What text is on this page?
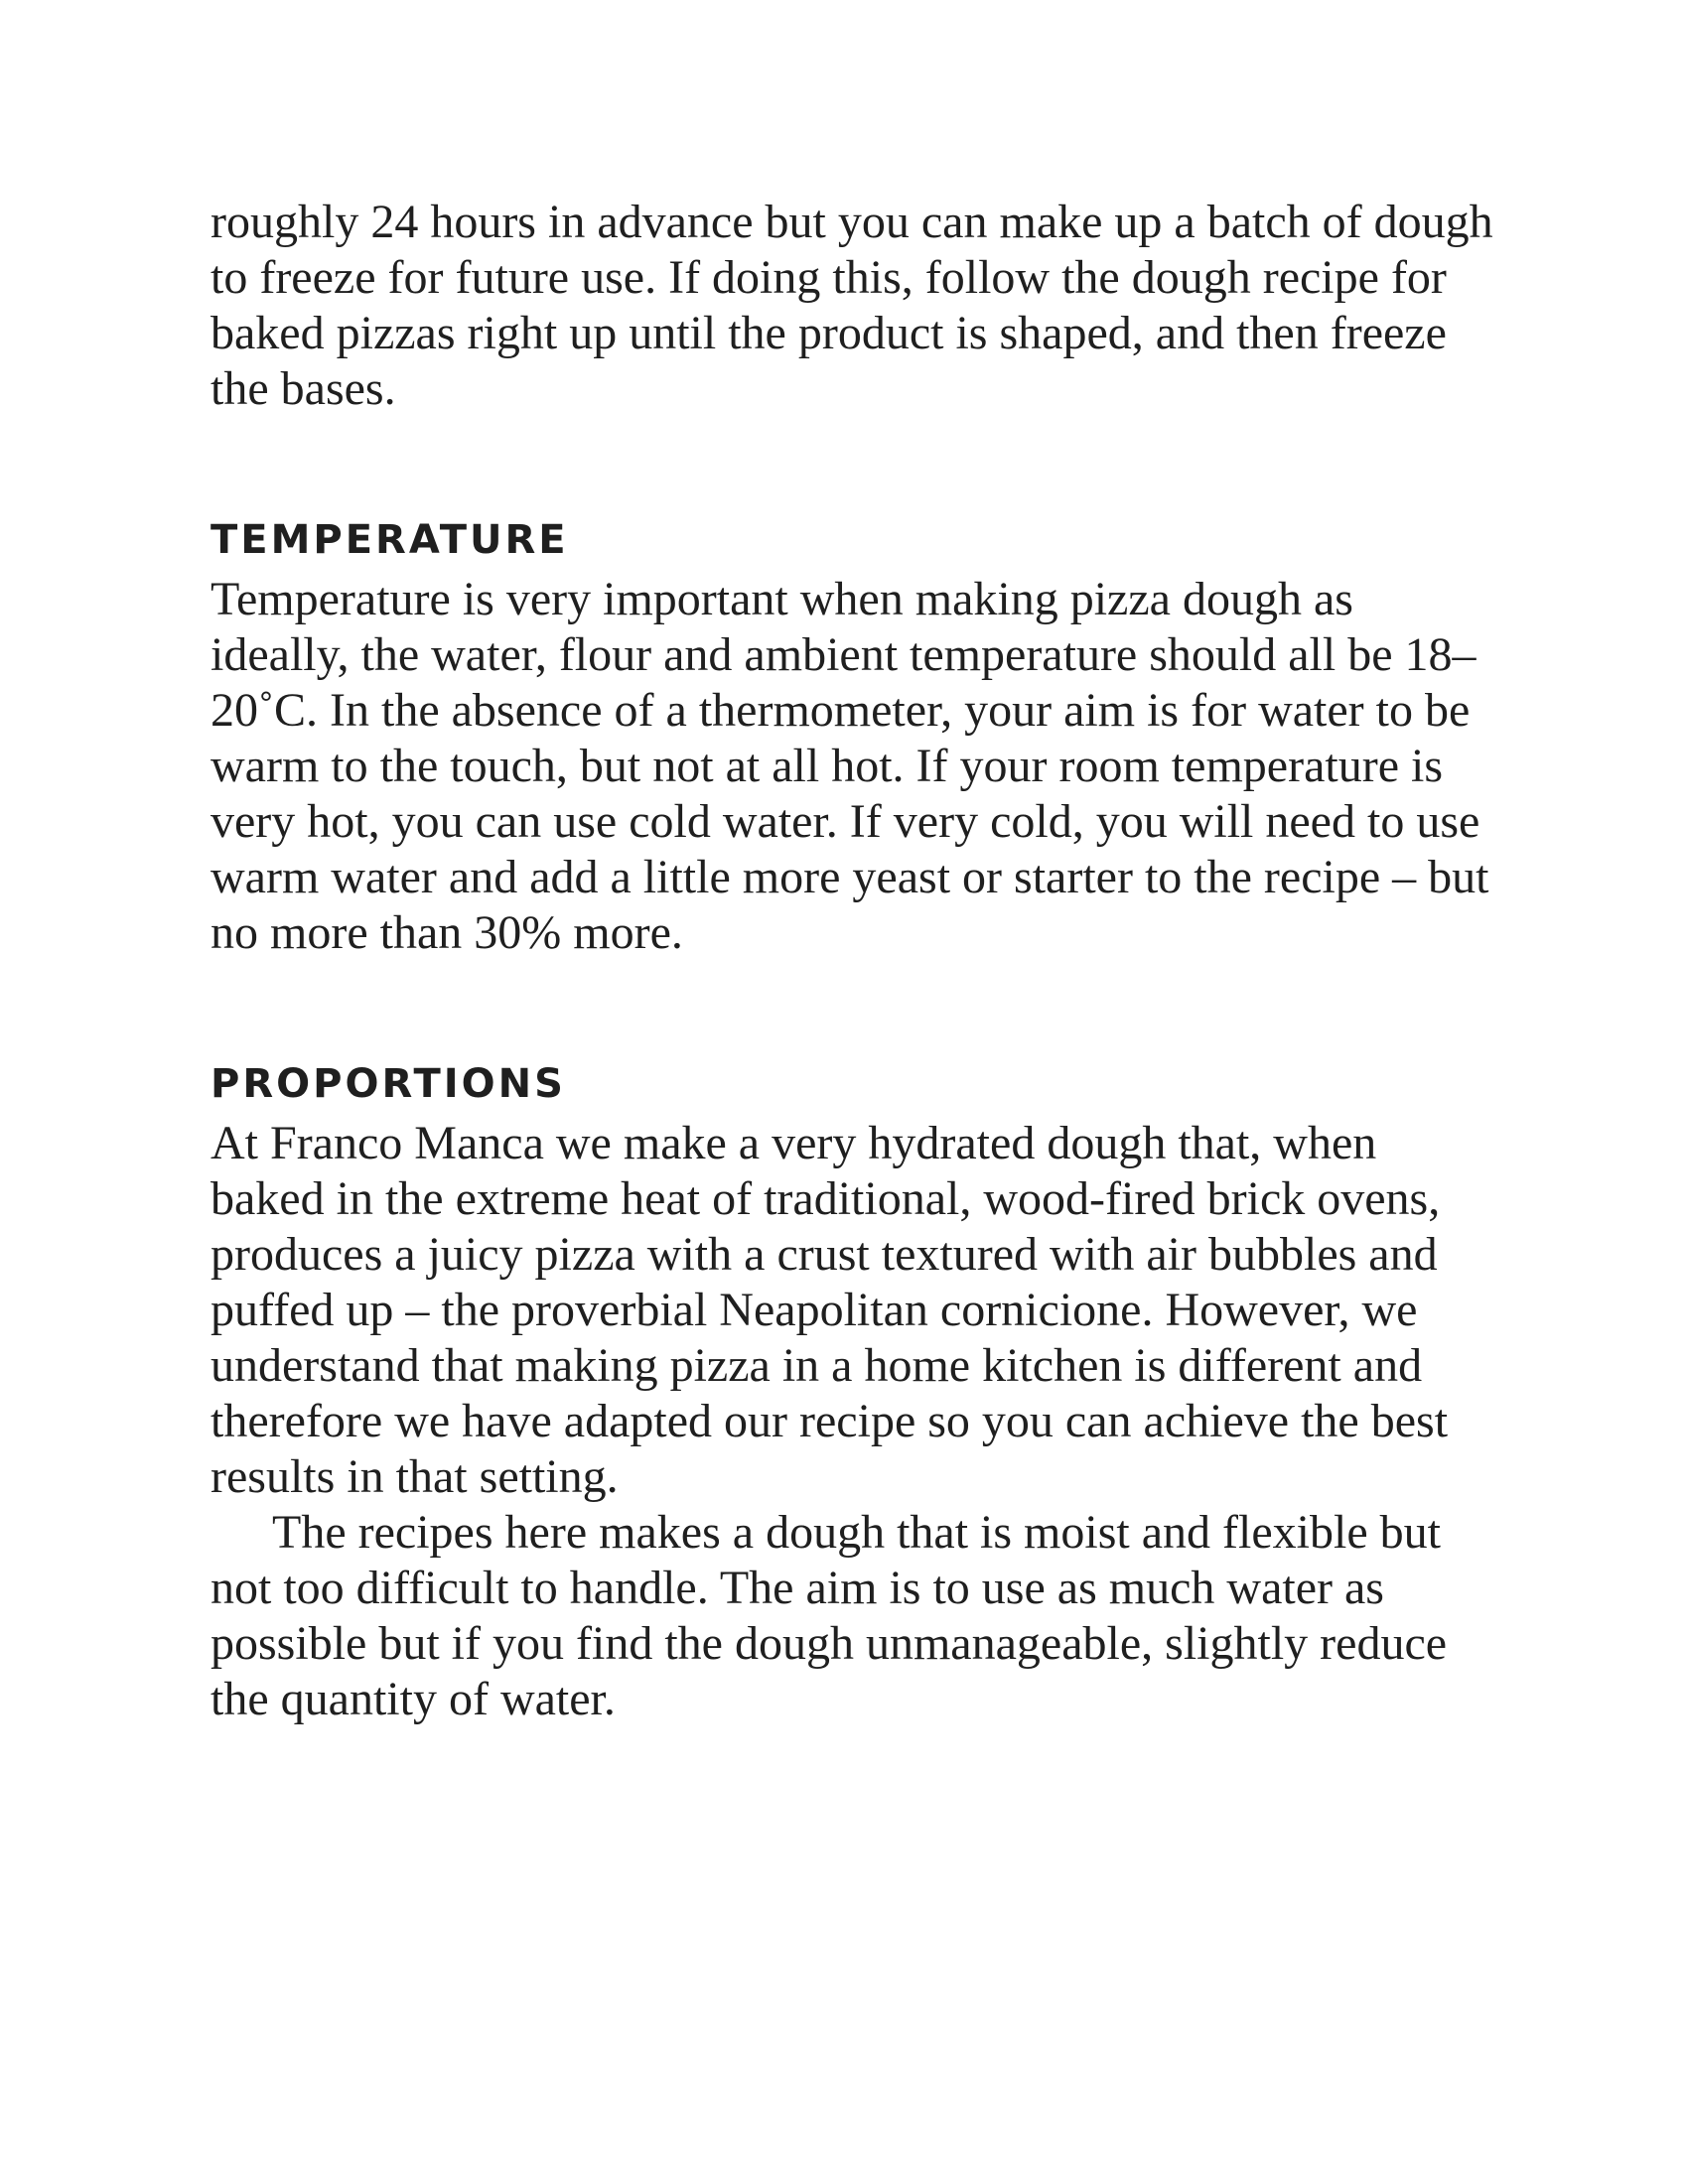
roughly 24 hours in advance but you can make up a batch of dough to freeze for future use. If doing this, follow the dough recipe for baked pizzas right up until the product is shaped, and then freeze the bases.

TEMPERATURE

Temperature is very important when making pizza dough as ideally, the water, flour and ambient temperature should all be 18–20˚C. In the absence of a thermometer, your aim is for water to be warm to the touch, but not at all hot. If your room temperature is very hot, you can use cold water. If very cold, you will need to use warm water and add a little more yeast or starter to the recipe – but no more than 30% more.

PROPORTIONS

At Franco Manca we make a very hydrated dough that, when baked in the extreme heat of traditional, wood-fired brick ovens, produces a juicy pizza with a crust textured with air bubbles and puffed up – the proverbial Neapolitan cornicione. However, we understand that making pizza in a home kitchen is different and therefore we have adapted our recipe so you can achieve the best results in that setting.

The recipes here makes a dough that is moist and flexible but not too difficult to handle. The aim is to use as much water as possible but if you find the dough unmanageable, slightly reduce the quantity of water.
